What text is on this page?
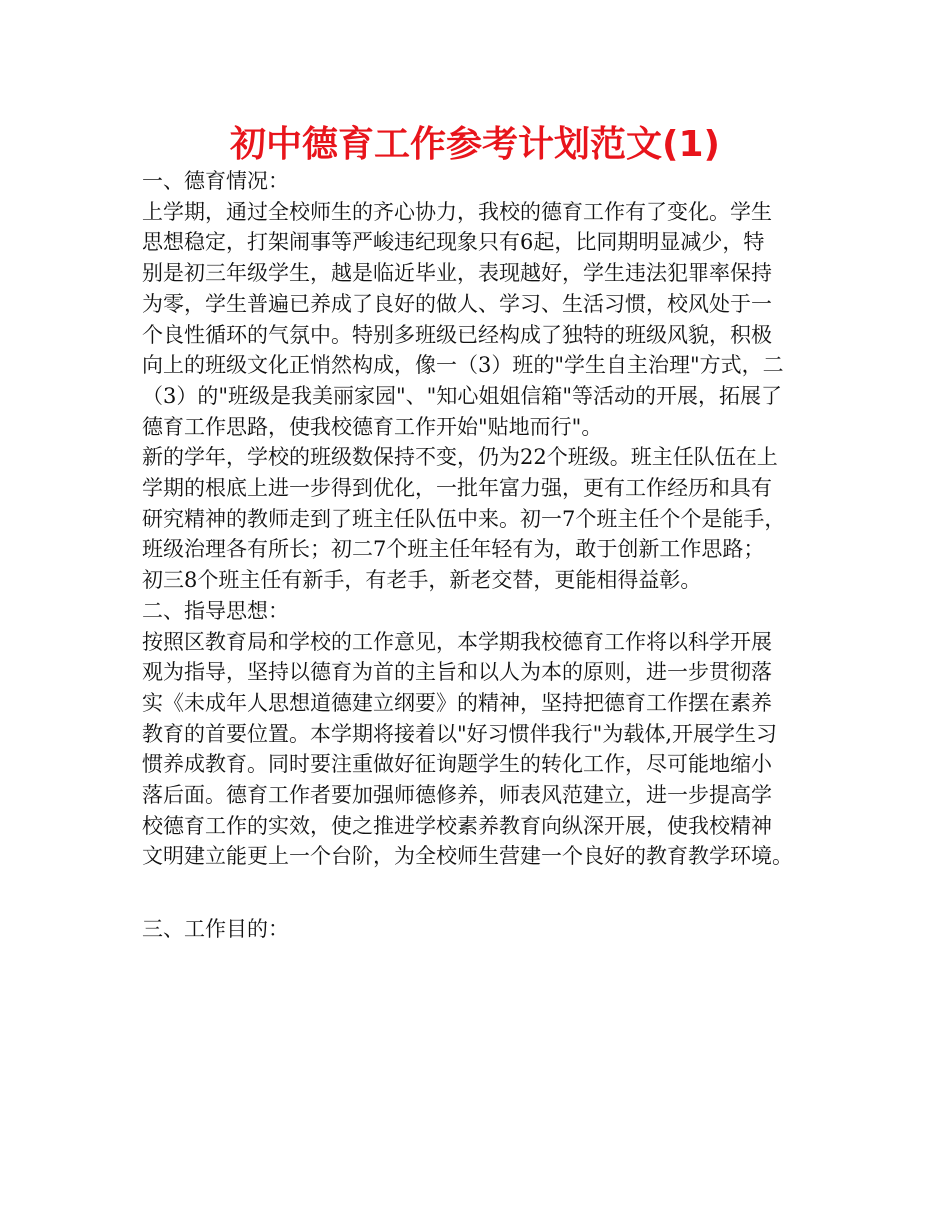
初中德育工作参考计划范文(1)

一、德育情况：

上学期，通过全校师生的齐心协力，我校的德育工作有了变化。学生
思想稳定，打架闹事等严峻违纪现象只有6起，比同期明显减少，特
别是初三年级学生，越是临近毕业，表现越好，学生违法犯罪率保持
为零，学生普遍已养成了良好的做人、学习、生活习惯，校风处于一
个良性循环的气氛中。特别多班级已经构成了独特的班级风貌，积极
向上的班级文化正悄然构成，像一（3）班的"学生自主治理"方式，二
（3）的"班级是我美丽家园"、"知心姐姐信箱"等活动的开展，拓展了
德育工作思路，使我校德育工作开始"贴地而行"。

新的学年，学校的班级数保持不变，仍为22个班级。班主任队伍在上
学期的根底上进一步得到优化，一批年富力强，更有工作经历和具有
研究精神的教师走到了班主任队伍中来。初一7个班主任个个是能手，
班级治理各有所长；初二7个班主任年轻有为，敢于创新工作思路；
初三8个班主任有新手，有老手，新老交替，更能相得益彰。

二、指导思想：

按照区教育局和学校的工作意见，本学期我校德育工作将以科学开展
观为指导，坚持以德育为首的主旨和以人为本的原则，进一步贯彻落
实《未成年人思想道德建立纲要》的精神，坚持把德育工作摆在素养
教育的首要位置。本学期将接着以"好习惯伴我行"为载体,开展学生习
惯养成教育。同时要注重做好征询题学生的转化工作，尽可能地缩小
落后面。德育工作者要加强师德修养，师表风范建立，进一步提高学
校德育工作的实效，使之推进学校素养教育向纵深开展，使我校精神
文明建立能更上一个台阶，为全校师生营建一个良好的教育教学环境。

三、工作目的：
